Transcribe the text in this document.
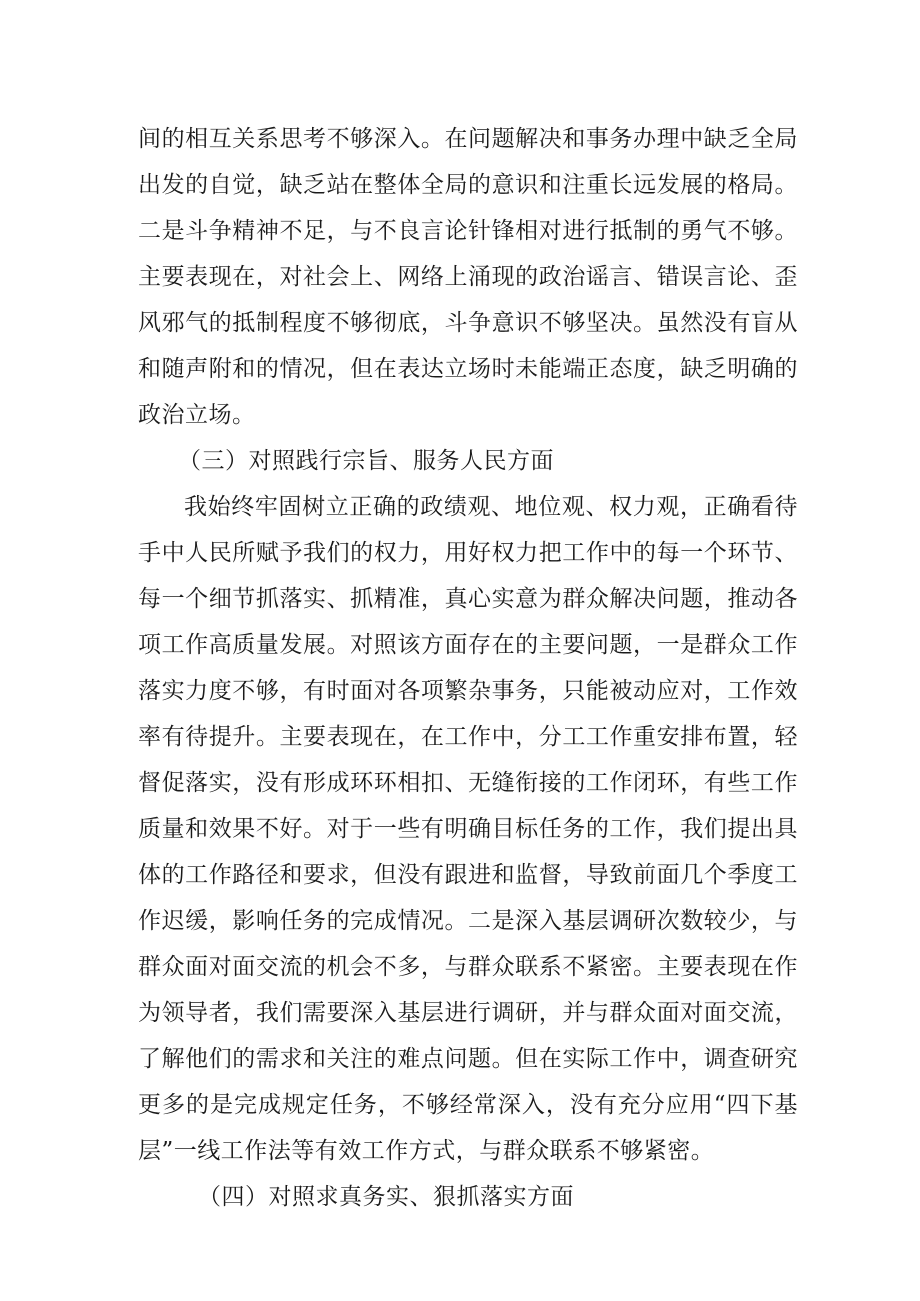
间的相互关系思考不够深入。在问题解决和事务办理中缺乏全局
出发的自觉，缺乏站在整体全局的意识和注重长远发展的格局。
二是斗争精神不足，与不良言论针锋相对进行抵制的勇气不够。
主要表现在，对社会上、网络上涌现的政治谣言、错误言论、歪
风邪气的抵制程度不够彻底，斗争意识不够坚决。虽然没有盲从
和随声附和的情况，但在表达立场时未能端正态度，缺乏明确的
政治立场。
（三）对照践行宗旨、服务人民方面
我始终牢固树立正确的政绩观、地位观、权力观，正确看待
手中人民所赋予我们的权力，用好权力把工作中的每一个环节、
每一个细节抓落实、抓精准，真心实意为群众解决问题，推动各
项工作高质量发展。对照该方面存在的主要问题，一是群众工作
落实力度不够，有时面对各项繁杂事务，只能被动应对，工作效
率有待提升。主要表现在，在工作中，分工工作重安排布置，轻
督促落实，没有形成环环相扣、无缝衔接的工作闭环，有些工作
质量和效果不好。对于一些有明确目标任务的工作，我们提出具
体的工作路径和要求，但没有跟进和监督，导致前面几个季度工
作迟缓，影响任务的完成情况。二是深入基层调研次数较少，与
群众面对面交流的机会不多，与群众联系不紧密。主要表现在作
为领导者，我们需要深入基层进行调研，并与群众面对面交流，
了解他们的需求和关注的难点问题。但在实际工作中，调查研究
更多的是完成规定任务，不够经常深入，没有充分应用“四下基
层”一线工作法等有效工作方式，与群众联系不够紧密。
（四）对照求真务实、狠抓落实方面
